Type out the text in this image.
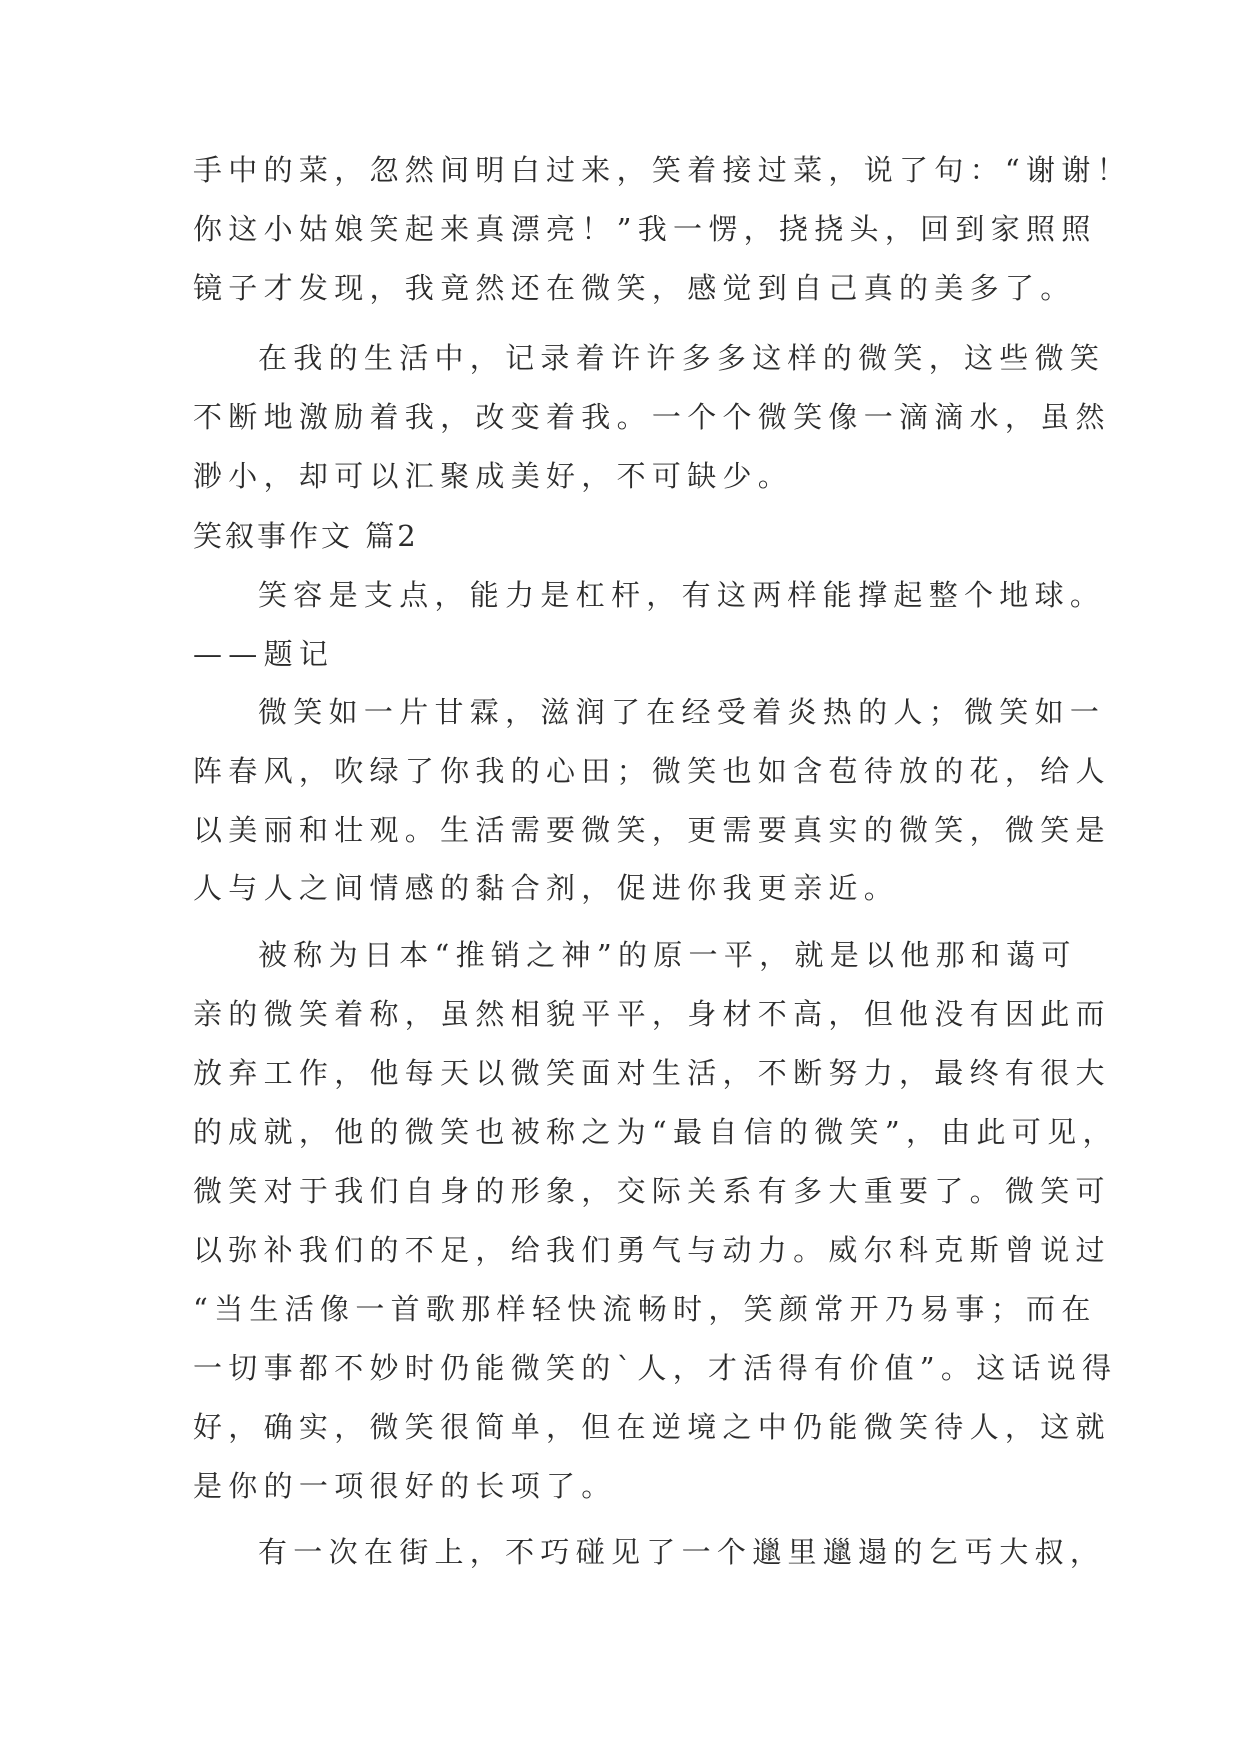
手中的菜，忽然间明白过来，笑着接过菜，说了句：“谢谢！
你这小姑娘笑起来真漂亮！”我一愣，挠挠头，回到家照照
镜子才发现，我竟然还在微笑，感觉到自己真的美多了。
在我的生活中，记录着许许多多这样的微笑，这些微笑
不断地激励着我，改变着我。一个个微笑像一滴滴水，虽然
渺小，却可以汇聚成美好，不可缺少。
笑叙事作文 篇2
笑容是支点，能力是杠杆，有这两样能撑起整个地球。
——题记
微笑如一片甘霖，滋润了在经受着炎热的人；微笑如一
阵春风，吹绿了你我的心田；微笑也如含苞待放的花，给人
以美丽和壮观。生活需要微笑，更需要真实的微笑，微笑是
人与人之间情感的黏合剂，促进你我更亲近。
被称为日本“推销之神”的原一平，就是以他那和蔼可
亲的微笑着称，虽然相貌平平，身材不高，但他没有因此而
放弃工作，他每天以微笑面对生活，不断努力，最终有很大
的成就，他的微笑也被称之为“最自信的微笑”，由此可见，
微笑对于我们自身的形象，交际关系有多大重要了。微笑可
以弥补我们的不足，给我们勇气与动力。威尔科克斯曾说过
“当生活像一首歌那样轻快流畅时，笑颜常开乃易事；而在
一切事都不妙时仍能微笑的`人，才活得有价值”。这话说得
好，确实，微笑很简单，但在逆境之中仍能微笑待人，这就
是你的一项很好的长项了。
有一次在街上，不巧碰见了一个邋里邋遢的乞丐大叔，
